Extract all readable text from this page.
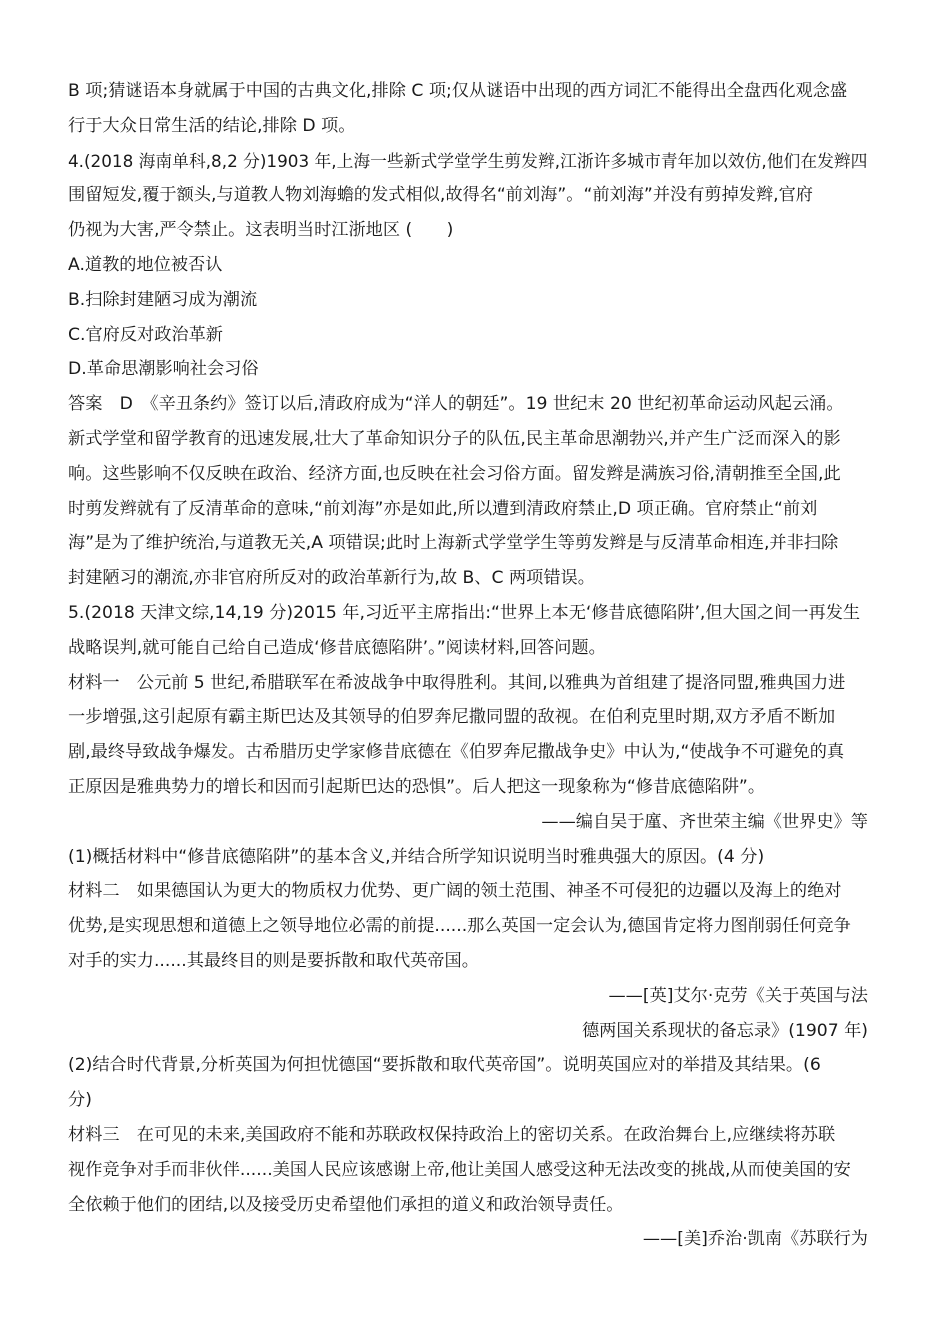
B 项;猜谜语本身就属于中国的古典文化,排除 C 项;仅从谜语中出现的西方词汇不能得出全盘西化观念盛
行于大众日常生活的结论,排除 D 项。
4.(2018 海南单科,8,2 分)1903 年,上海一些新式学堂学生剪发辫,江浙许多城市青年加以效仿,他们在发辫四
围留短发,覆于额头,与道教人物刘海蟾的发式相似,故得名“前刘海”。“前刘海”并没有剪掉发辫,官府
仍视为大害,严令禁止。这表明当时江浙地区 (　　)
A.道教的地位被否认
B.扫除封建陋习成为潮流
C.官府反对政治革新
D.革命思潮影响社会习俗
答案　D　《辛丑条约》签订以后,清政府成为“洋人的朝廷”。19 世纪末 20 世纪初革命运动风起云涌。
新式学堂和留学教育的迅速发展,壮大了革命知识分子的队伍,民主革命思潮勃兴,并产生广泛而深入的影
响。这些影响不仅反映在政治、经济方面,也反映在社会习俗方面。留发辫是满族习俗,清朝推至全国,此
时剪发辫就有了反清革命的意味,“前刘海”亦是如此,所以遭到清政府禁止,D 项正确。官府禁止“前刘
海”是为了维护统治,与道教无关,A 项错误;此时上海新式学堂学生等剪发辫是与反清革命相连,并非扫除
封建陋习的潮流,亦非官府所反对的政治革新行为,故 B、C 两项错误。
5.(2018 天津文综,14,19 分)2015 年,习近平主席指出:“世界上本无‘修昔底德陷阱’,但大国之间一再发生
战略误判,就可能自己给自己造成‘修昔底德陷阱’。”阅读材料,回答问题。
材料一　公元前 5 世纪,希腊联军在希波战争中取得胜利。其间,以雅典为首组建了提洛同盟,雅典国力进
一步增强,这引起原有霸主斯巴达及其领导的伯罗奔尼撒同盟的敌视。在伯利克里时期,双方矛盾不断加
剧,最终导致战争爆发。古希腊历史学家修昔底德在《伯罗奔尼撒战争史》中认为,“使战争不可避免的真
正原因是雅典势力的增长和因而引起斯巴达的恐惧”。后人把这一现象称为“修昔底德陷阱”。
——编自吴于廑、齐世荣主编《世界史》等
(1)概括材料中“修昔底德陷阱”的基本含义,并结合所学知识说明当时雅典强大的原因。(4 分)
材料二　如果德国认为更大的物质权力优势、更广阔的领土范围、神圣不可侵犯的边疆以及海上的绝对
优势,是实现思想和道德上之领导地位必需的前提......那么英国一定会认为,德国肯定将力图削弱任何竞争
对手的实力......其最终目的则是要拆散和取代英帝国。
——[英]艾尔·克劳《关于英国与法
德两国关系现状的备忘录》(1907 年)
(2)结合时代背景,分析英国为何担忧德国“要拆散和取代英帝国”。说明英国应对的举措及其结果。(6
分)
材料三　在可见的未来,美国政府不能和苏联政权保持政治上的密切关系。在政治舞台上,应继续将苏联
视作竞争对手而非伙伴......美国人民应该感谢上帝,他让美国人感受这种无法改变的挑战,从而使美国的安
全依赖于他们的团结,以及接受历史希望他们承担的道义和政治领导责任。
——[美]乔治·凯南《苏联行为
